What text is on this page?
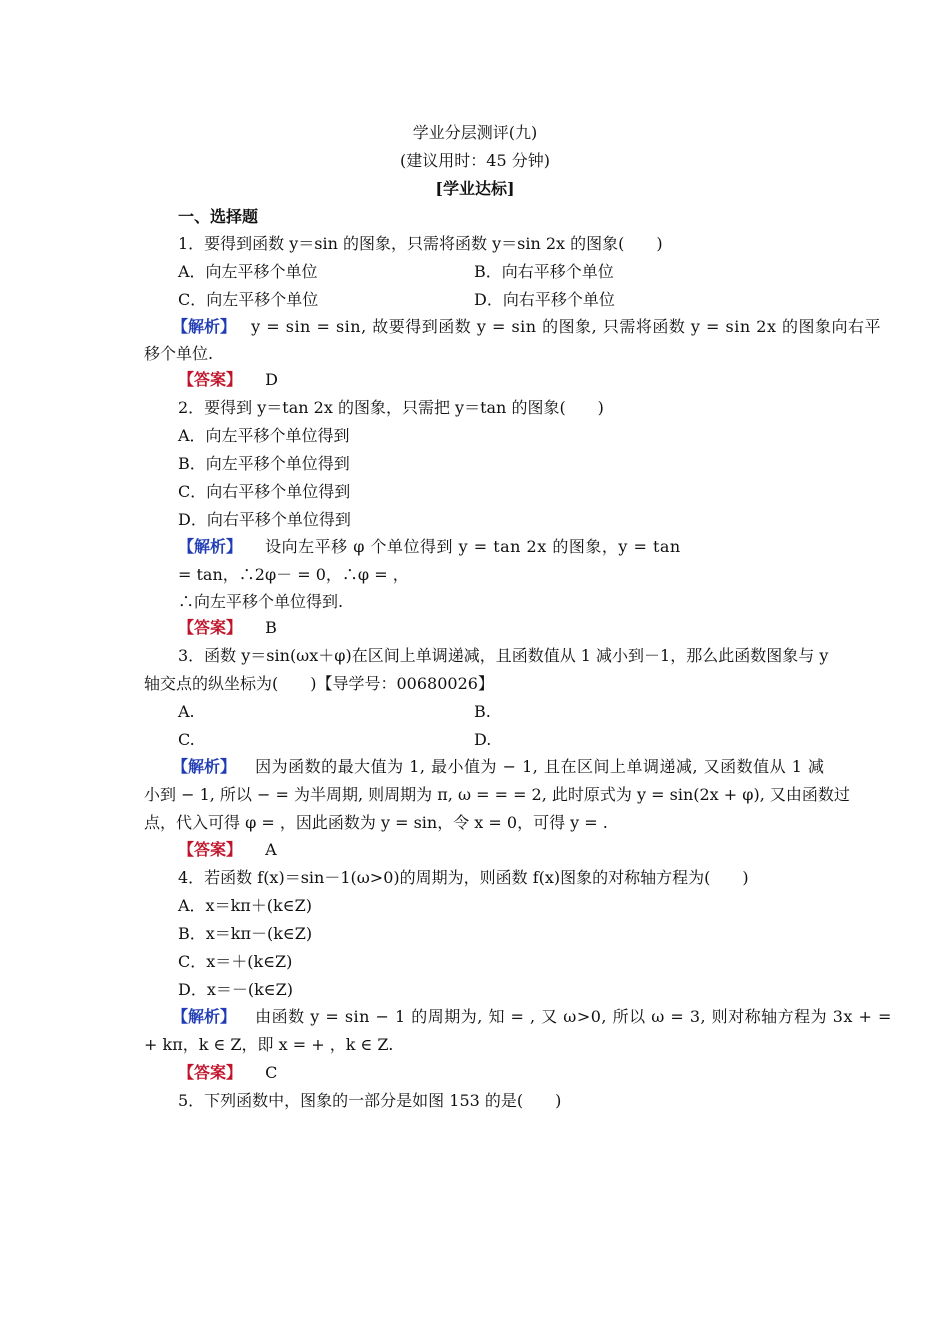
学业分层测评(九)
(建议用时：45 分钟)
[学业达标]
一、选择题
1．要得到函数 y＝sin 的图象，只需将函数 y＝sin 2x 的图象(　　)
A．向左平移个单位	B．向右平移个单位
C．向左平移个单位	D．向右平移个单位
【解析】 y = sin = sin, 故要得到函数 y = sin 的图象, 只需将函数 y = sin 2x 的图象向右平
移个单位.
【答案】 D
2．要得到 y＝tan 2x 的图象，只需把 y＝tan 的图象(　　)
A．向左平移个单位得到
B．向左平移个单位得到
C．向右平移个单位得到
D．向右平移个单位得到
【解析】 设向左平移 φ 个单位得到 y = tan 2x 的图象，y = tan
= tan，∴2φ－ = 0，∴φ = ，
∴向左平移个单位得到.
【答案】 B
3．函数 y＝sin(ωx＋φ)在区间上单调递减，且函数值从 1 减小到－1，那么此函数图象与 y
轴交点的纵坐标为(　　)【导学号：00680026】
A.	B.
C.	D.
【解析】 因为函数的最大值为 1, 最小值为 − 1, 且在区间上单调递减, 又函数值从 1 减
小到 − 1, 所以 − = 为半周期, 则周期为 π, ω = = = 2, 此时原式为 y = sin(2x + φ), 又由函数过
点，代入可得 φ = ，因此函数为 y = sin，令 x = 0，可得 y = .
【答案】 A
4．若函数 f(x)＝sin－1(ω>0)的周期为，则函数 f(x)图象的对称轴方程为(　　)
A．x＝kπ＋(k∈Z)
B．x＝kπ－(k∈Z)
C．x＝＋(k∈Z)
D．x＝－(k∈Z)
【解析】 由函数 y = sin − 1 的周期为, 知 = , 又 ω>0, 所以 ω = 3, 则对称轴方程为 3x + =
+ kπ，k ∈ Z，即 x = + ，k ∈ Z.
【答案】 C
5．下列函数中，图象的一部分是如图 153 的是(　　)
